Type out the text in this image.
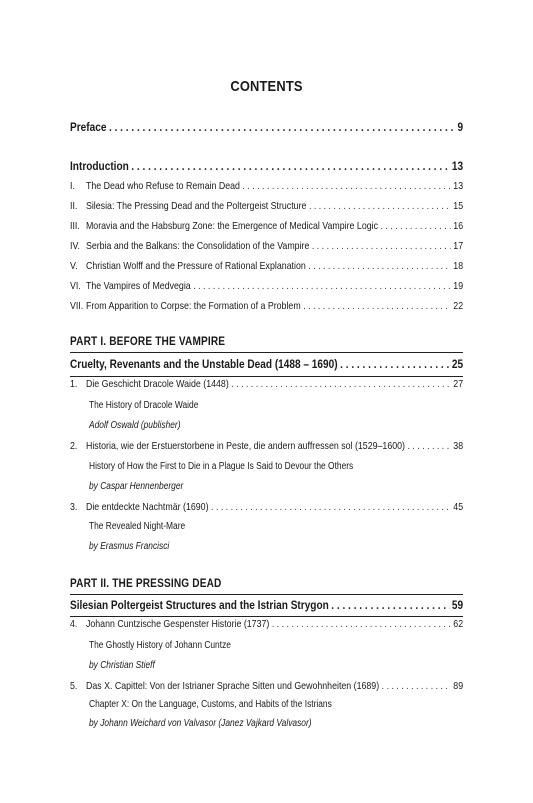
CONTENTS
Preface . . .	9
Introduction . . .	13
I.	The Dead who Refuse to Remain Dead . . .	13
II. Silesia: The Pressing Dead and the Poltergeist Structure . . .	15
III. Moravia and the Habsburg Zone: the Emergence of Medical Vampire Logic . . .	16
IV. Serbia and the Balkans: the Consolidation of the Vampire . . .	17
V. Christian Wolff and the Pressure of Rational Explanation . . .	18
VI. The Vampires of Medvegia . . .	19
VII. From Apparition to Corpse: the Formation of a Problem . . .	22
PART I. BEFORE THE VAMPIRE
Cruelty, Revenants and the Unstable Dead (1488 – 1690) . . .	25
1. Die Geschicht Dracole Waide (1448) . . .	27
The History of Dracole Waide
Adolf Oswald (publisher)
2. Historia, wie der Erstuerstorbene in Peste, die andern auffressen sol (1529–1600) . . .	38
History of How the First to Die in a Plague Is Said to Devour the Others
by Caspar Hennenberger
3. Die entdeckte Nachtmär (1690) . . .	45
The Revealed Night-Mare
by Erasmus Francisci
PART II. THE PRESSING DEAD
Silesian Poltergeist Structures and the Istrian Strygon . . .	59
4. Johann Cuntzische Gespenster Historie (1737) . . .	62
The Ghostly History of Johann Cuntze
by Christian Stieff
5. Das X. Capittel: Von der Istrianer Sprache Sitten und Gewohnheiten (1689) . . .	89
Chapter X: On the Language, Customs, and Habits of the Istrians
by Johann Weichard von Valvasor (Janez Vajkard Valvasor)
